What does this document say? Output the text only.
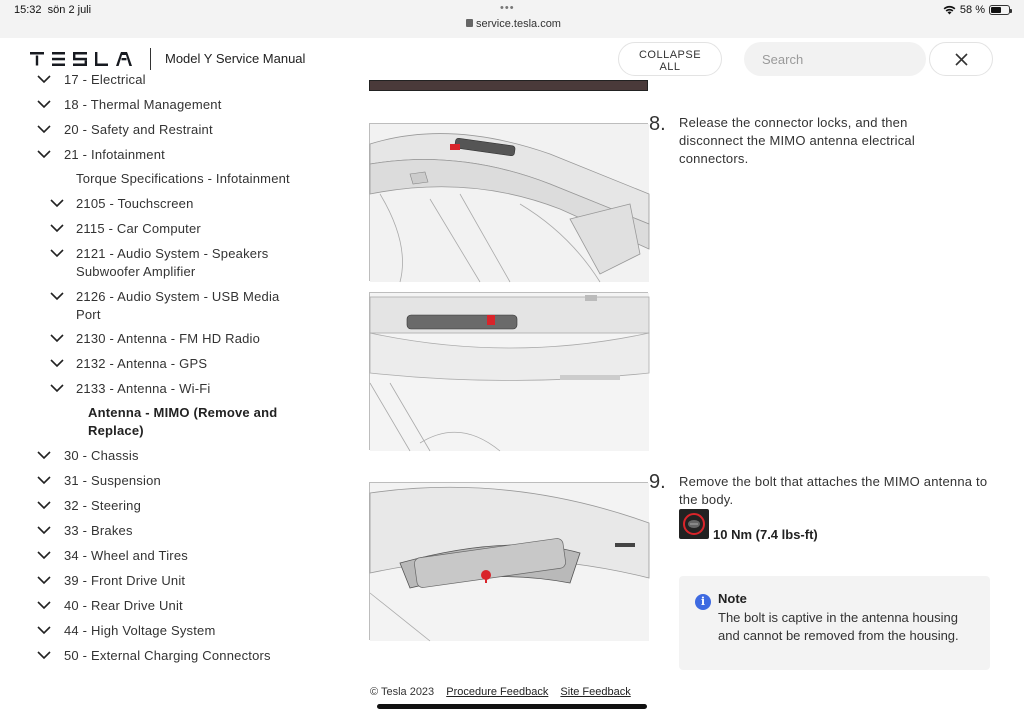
15:32 sön 2 juli	•••
service.tesla.com
58 %
Model Y Service Manual	COLLAPSE
ALL
Search
17 - Electrical
18 - Thermal Management
20 - Safety and Restraint
21 - Infotainment
Torque Specifications - Infotainment
2105 - Touchscreen
2115 - Car Computer
2121 - Audio System - Speakers Subwoofer Amplifier
2126 - Audio System - USB Media Port
2130 - Antenna - FM HD Radio
2132 - Antenna - GPS
2133 - Antenna - Wi-Fi
Antenna - MIMO (Remove and Replace)
30 - Chassis
31 - Suspension
32 - Steering
33 - Brakes
34 - Wheel and Tires
39 - Front Drive Unit
40 - Rear Drive Unit
44 - High Voltage System
50 - External Charging Connectors
8. Release the connector locks, and then disconnect the MIMO antenna electrical connectors.
9. Remove the bolt that attaches the MIMO antenna to the body.
10 Nm (7.4 lbs-ft)
i Note
The bolt is captive in the antenna housing and cannot be removed from the housing.
© Tesla 2023 Procedure Feedback Site Feedback
